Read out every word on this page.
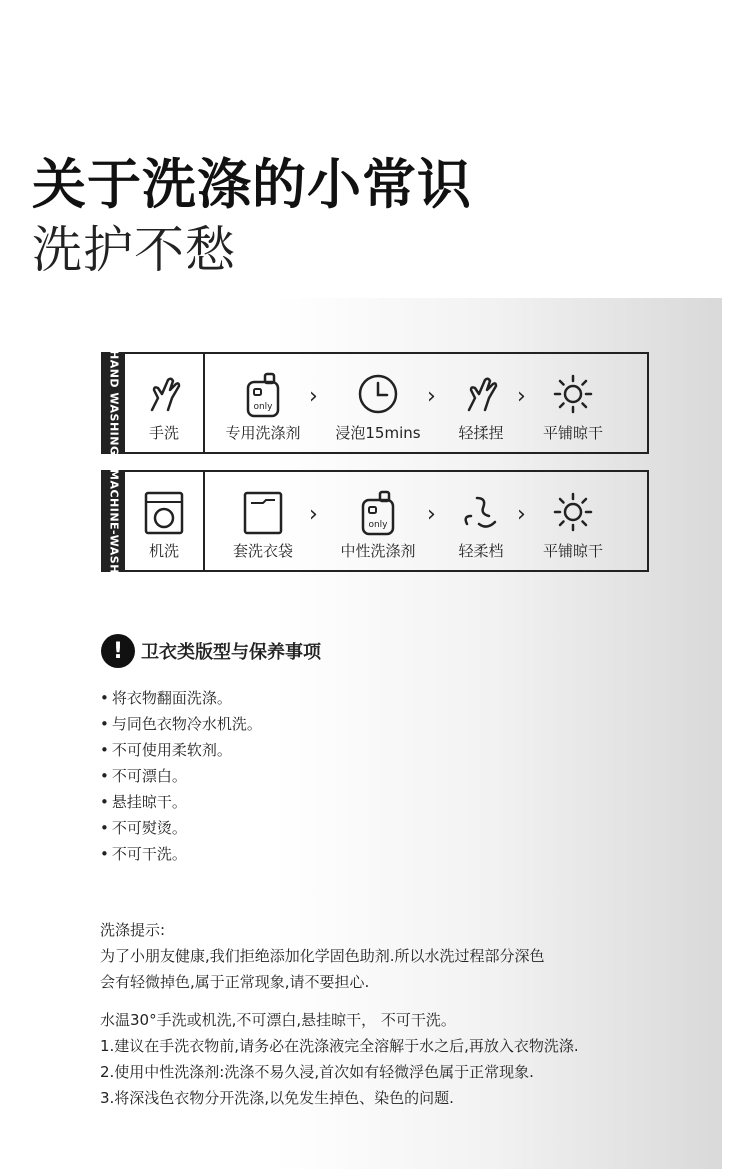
关于洗涤的小常识
洗护不愁
HAND WASHING 手洗
only
专用洗涤剂
›
浸泡15mins
›
轻揉捏
›
平铺晾干
MACHINE-WASH 机洗	套洗衣袋
›	only
中性洗涤剂
›
轻柔档
›
平铺晾干
! 卫衣类版型与保养事项
• 将衣物翻面洗涤。
• 与同色衣物冷水机洗。
• 不可使用柔软剂。
• 不可漂白。
• 悬挂晾干。
• 不可熨烫。
• 不可干洗。

洗涤提示:

为了小朋友健康,我们拒绝添加化学固色助剂.所以水洗过程部分深色

会有轻微掉色,属于正常现象,请不要担心.

水温30°手洗或机洗,不可漂白,悬挂晾干， 不可干洗。

1.建议在手洗衣物前,请务必在洗涤液完全溶解于水之后,再放入衣物洗涤.

2.使用中性洗涤剂:洗涤不易久浸,首次如有轻微浮色属于正常现象.

3.将深浅色衣物分开洗涤,以免发生掉色、染色的问题.
